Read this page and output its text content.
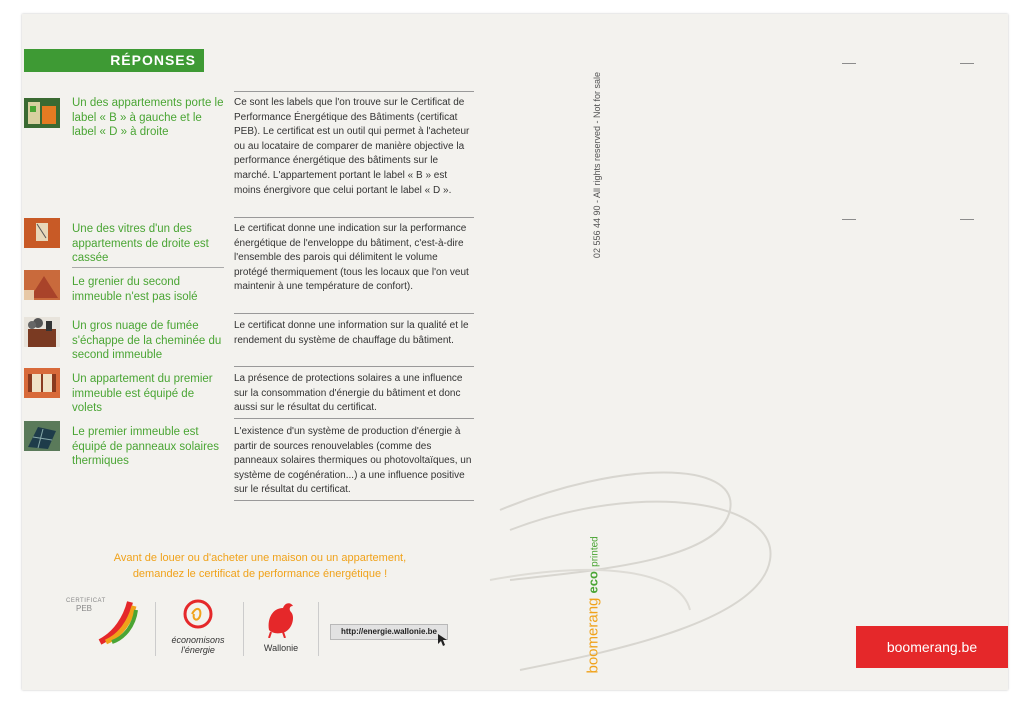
RÉPONSES
Un des appartements porte le label « B » à gauche et le label « D » à droite
Ce sont les labels que l'on trouve sur le Certificat de Performance Énergétique des Bâtiments (certificat PEB). Le certificat est un outil qui permet à l'acheteur ou au locataire de comparer de manière objective la performance énergétique des bâtiments sur le marché. L'appartement portant le label « B » est moins énergivore que celui portant le label « D ».
Une des vitres d'un des appartements de droite est cassée
Le certificat donne une indication sur la performance énergétique de l'enveloppe du bâtiment, c'est-à-dire l'ensemble des parois qui délimitent le volume protégé thermiquement (tous les locaux que l'on veut maintenir à une température de confort).
Le grenier du second immeuble n'est pas isolé
Un gros nuage de fumée s'échappe de la cheminée du second immeuble
Le certificat donne une information sur la qualité et le rendement du système de chauffage du bâtiment.
Un appartement du premier immeuble est équipé de volets
La présence de protections solaires a une influence sur la consommation d'énergie du bâtiment et donc aussi sur le résultat du certificat.
Le premier immeuble est équipé de panneaux solaires thermiques
L'existence d'un système de production d'énergie à partir de sources renouvelables (comme des panneaux solaires thermiques ou photovoltaïques, un système de cogénération...) a une influence positive sur le résultat du certificat.
Avant de louer ou d'acheter une maison ou un appartement,
demandez le certificat de performance énergétique !
CERTIFICAT
PEB
économisons
l'énergie	Wallonie
http://energie.wallonie.be
02 556 44 90 - All rights reserved - Not for sale
boomerang eco printed
boomerang.be
